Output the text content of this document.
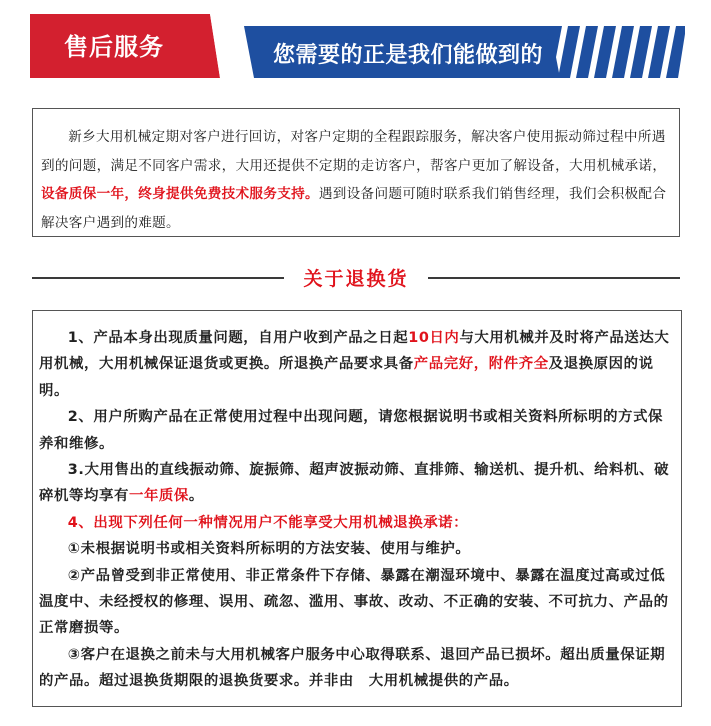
售后服务	您需要的正是我们能做到的

新乡大用机械定期对客户进行回访，对客户定期的全程跟踪服务，解决客户使用振动筛过程中所遇到的问题，满足不同客户需求，大用还提供不定期的走访客户，帮客户更加了解设备，大用机械承诺，设备质保一年，终身提供免费技术服务支持。遇到设备问题可随时联系我们销售经理，我们会积极配合解决客户遇到的难题。

关于退换货

1、产品本身出现质量问题，自用户收到产品之日起10日内与大用机械并及时将产品送达大用机械，大用机械保证退货或更换。所退换产品要求具备产品完好，附件齐全及退换原因的说明。

2、用户所购产品在正常使用过程中出现问题，请您根据说明书或相关资料所标明的方式保养和维修。

3.大用售出的直线振动筛、旋振筛、超声波振动筛、直排筛、输送机、提升机、给料机、破碎机等均享有一年质保。

4、出现下列任何一种情况用户不能享受大用机械退换承诺：

①未根据说明书或相关资料所标明的方法安装、使用与维护。

②产品曾受到非正常使用、非正常条件下存储、暴露在潮湿环境中、暴露在温度过高或过低温度中、未经授权的修理、误用、疏忽、滥用、事故、改动、不正确的安装、不可抗力、产品的正常磨损等。

③客户在退换之前未与大用机械客户服务中心取得联系、退回产品已损坏。超出质量保证期的产品。超过退换货期限的退换货要求。并非由　大用机械提供的产品。
